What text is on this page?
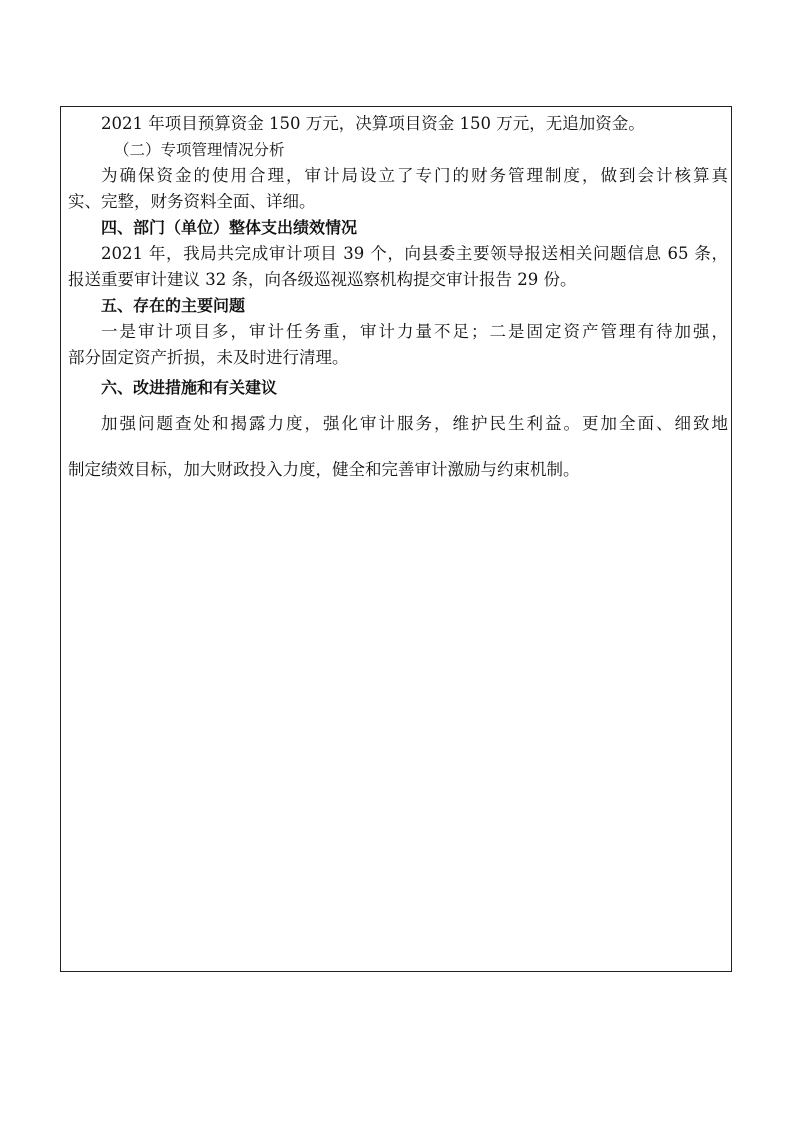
2021 年项目预算资金 150 万元，决算项目资金 150 万元，无追加资金。
（二）专项管理情况分析
为确保资金的使用合理，审计局设立了专门的财务管理制度，做到会计核算真
实、完整，财务资料全面、详细。
四、部门（单位）整体支出绩效情况
2021 年，我局共完成审计项目 39 个，向县委主要领导报送相关问题信息 65 条，
报送重要审计建议 32 条，向各级巡视巡察机构提交审计报告 29 份。
五、存在的主要问题
一是审计项目多，审计任务重，审计力量不足；二是固定资产管理有待加强，
部分固定资产折损，未及时进行清理。
六、改进措施和有关建议
加强问题查处和揭露力度，强化审计服务，维护民生利益。更加全面、细致地
制定绩效目标，加大财政投入力度，健全和完善审计激励与约束机制。
